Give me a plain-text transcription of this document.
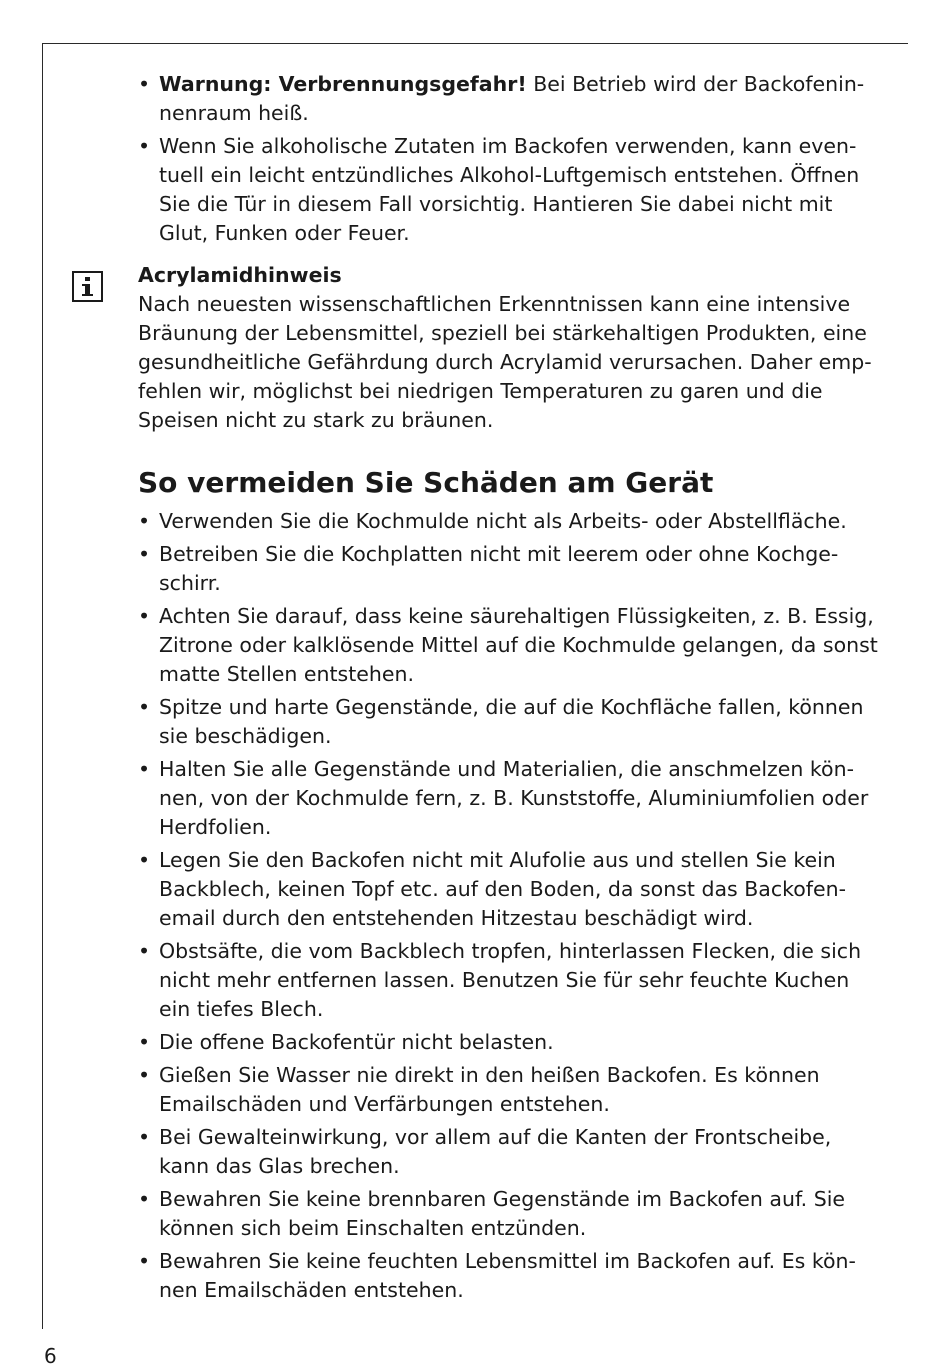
• Warnung: Verbrennungsgefahr! Bei Betrieb wird der Backofenin-nenraum heiß.
• Wenn Sie alkoholische Zutaten im Backofen verwenden, kann even-tuell ein leicht entzündliches Alkohol-Luftgemisch entstehen. Öffnen Sie die Tür in diesem Fall vorsichtig. Hantieren Sie dabei nicht mit Glut, Funken oder Feuer.
Acrylamidhinweis

Nach neuesten wissenschaftlichen Erkenntnissen kann eine intensive Bräunung der Lebensmittel, speziell bei stärkehaltigen Produkten, eine gesundheitliche Gefährdung durch Acrylamid verursachen. Daher emp-fehlen wir, möglichst bei niedrigen Temperaturen zu garen und die Speisen nicht zu stark zu bräunen.

So vermeiden Sie Schäden am Gerät
• Verwenden Sie die Kochmulde nicht als Arbeits- oder Abstellfläche.
• Betreiben Sie die Kochplatten nicht mit leerem oder ohne Kochge-schirr.
• Achten Sie darauf, dass keine säurehaltigen Flüssigkeiten, z. B. Essig, Zitrone oder kalklösende Mittel auf die Kochmulde gelangen, da sonst matte Stellen entstehen.
• Spitze und harte Gegenstände, die auf die Kochfläche fallen, können sie beschädigen.
• Halten Sie alle Gegenstände und Materialien, die anschmelzen kön-nen, von der Kochmulde fern, z. B. Kunststoffe, Aluminiumfolien oder Herdfolien.
• Legen Sie den Backofen nicht mit Alufolie aus und stellen Sie kein Backblech, keinen Topf etc. auf den Boden, da sonst das Backofen-email durch den entstehenden Hitzestau beschädigt wird.
• Obstsäfte, die vom Backblech tropfen, hinterlassen Flecken, die sich nicht mehr entfernen lassen. Benutzen Sie für sehr feuchte Kuchen ein tiefes Blech.
• Die offene Backofentür nicht belasten.
• Gießen Sie Wasser nie direkt in den heißen Backofen. Es können Emailschäden und Verfärbungen entstehen.
• Bei Gewalteinwirkung, vor allem auf die Kanten der Frontscheibe, kann das Glas brechen.
• Bewahren Sie keine brennbaren Gegenstände im Backofen auf. Sie können sich beim Einschalten entzünden.
• Bewahren Sie keine feuchten Lebensmittel im Backofen auf. Es kön-nen Emailschäden entstehen.
6
